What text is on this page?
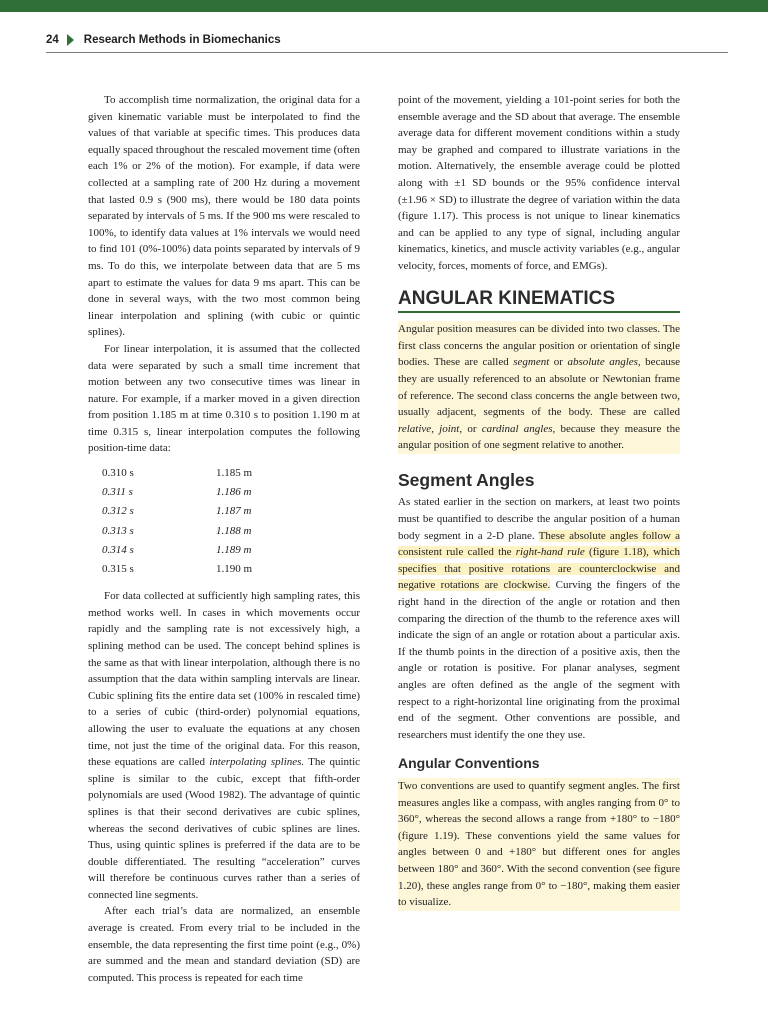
24 Research Methods in Biomechanics

To accomplish time normalization, the original data for a given kinematic variable must be interpolated to find the values of that variable at specific times. This produces data equally spaced throughout the rescaled movement time (often each 1% or 2% of the motion). For example, if data were collected at a sampling rate of 200 Hz during a movement that lasted 0.9 s (900 ms), there would be 180 data points separated by intervals of 5 ms. If the 900 ms were rescaled to 100%, to identify data values at 1% intervals we would need to find 101 (0%-100%) data points separated by intervals of 9 ms. To do this, we interpolate between data that are 5 ms apart to estimate the values for data 9 ms apart. This can be done in several ways, with the two most common being linear interpolation and splining (with cubic or quintic splines).

For linear interpolation, it is assumed that the collected data were separated by such a small time increment that motion between any two consecutive times was linear in nature. For example, if a marker moved in a given direction from position 1.185 m at time 0.310 s to position 1.190 m at time 0.315 s, linear interpolation computes the following position-time data:

0.310 s	1.185 m
0.311 s	1.186 m
0.312 s	1.187 m
0.313 s	1.188 m
0.314 s	1.189 m
0.315 s	1.190 m

For data collected at sufficiently high sampling rates, this method works well. In cases in which movements occur rapidly and the sampling rate is not excessively high, a splining method can be used. The concept behind splines is the same as that with linear interpolation, although there is no assumption that the data within sampling intervals are linear. Cubic splining fits the entire data set (100% in rescaled time) to a series of cubic (third-order) polynomial equations, allowing the user to evaluate the equations at any chosen time, not just the time of the original data. For this reason, these equations are called interpolating splines. The quintic spline is similar to the cubic, except that fifth-order polynomials are used (Wood 1982). The advantage of quintic splines is that their second derivatives are cubic splines, whereas the second derivatives of cubic splines are lines. Thus, using quintic splines is preferred if the data are to be double differentiated. The resulting “acceleration” curves will therefore be continuous curves rather than a series of connected line segments.

After each trial’s data are normalized, an ensemble average is created. From every trial to be included in the ensemble, the data representing the first time point (e.g., 0%) are summed and the mean and standard deviation (SD) are computed. This process is repeated for each time

point of the movement, yielding a 101-point series for both the ensemble average and the SD about that average. The ensemble average data for different movement conditions within a study may be graphed and compared to illustrate variations in the motion. Alternatively, the ensemble average could be plotted along with ±1 SD bounds or the 95% confidence interval (±1.96 × SD) to illustrate the degree of variation within the data (figure 1.17). This process is not unique to linear kinematics and can be applied to any type of signal, including angular kinematics, kinetics, and muscle activity variables (e.g., angular velocity, forces, moments of force, and EMGs).

ANGULAR KINEMATICS

Angular position measures can be divided into two classes. The first class concerns the angular position or orientation of single bodies. These are called segment or absolute angles, because they are usually referenced to an absolute or Newtonian frame of reference. The second class concerns the angle between two, usually adjacent, segments of the body. These are called relative, joint, or cardinal angles, because they measure the angular position of one segment relative to another.

Segment Angles

As stated earlier in the section on markers, at least two points must be quantified to describe the angular position of a human body segment in a 2-D plane. These absolute angles follow a consistent rule called the right-hand rule (figure 1.18), which specifies that positive rotations are counterclockwise and negative rotations are clockwise. Curving the fingers of the right hand in the direction of the angle or rotation and then comparing the direction of the thumb to the reference axes will indicate the sign of an angle or rotation about a particular axis. If the thumb points in the direction of a positive axis, then the angle or rotation is positive. For planar analyses, segment angles are often defined as the angle of the segment with respect to a right-horizontal line originating from the proximal end of the segment. Other conventions are possible, and researchers must identify the one they use.

Angular Conventions

Two conventions are used to quantify segment angles. The first measures angles like a compass, with angles ranging from 0° to 360°, whereas the second allows a range from +180° to −180° (figure 1.19). These conventions yield the same values for angles between 0 and +180° but different ones for angles between 180° and 360°. With the second convention (see figure 1.20), these angles range from 0° to −180°, making them easier to visualize.
